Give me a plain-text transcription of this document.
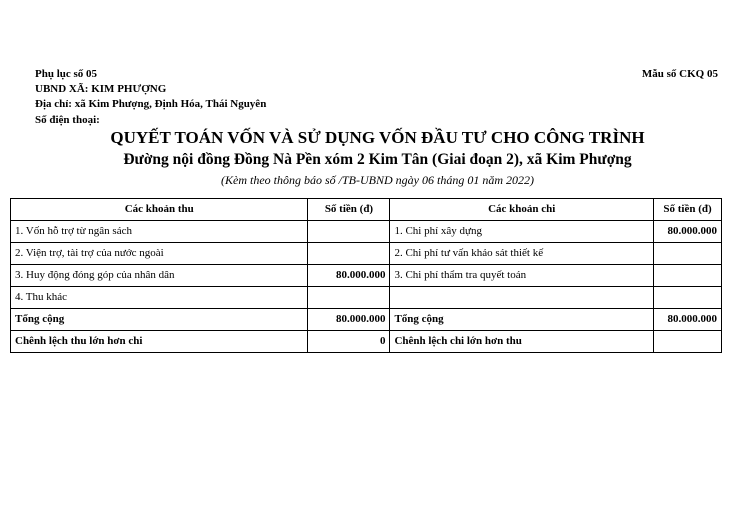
Phụ lục số 05	Mẫu số CKQ 05
UBND XÃ: KIM PHƯỢNG
Địa chỉ: xã Kim Phượng, Định Hóa, Thái Nguyên
Số điện thoại:
QUYẾT TOÁN VỐN VÀ SỬ DỤNG VỐN ĐẦU TƯ CHO CÔNG TRÌNH
Đường nội đồng Đồng Nà Pền xóm 2 Kim Tân (Giai đoạn 2), xã Kim Phượng
(Kèm theo thông báo số /TB-UBND ngày 06 tháng 01 năm 2022)
Các khoản thu	Số tiền (đ)	Các khoản chi	Số tiền (đ)
1. Vốn hỗ trợ từ ngân sách		1. Chi phí xây dựng	80.000.000
2. Viện trợ, tài trợ của nước ngoài		2. Chi phí tư vấn khảo sát thiết kế	
3. Huy động đóng góp của nhân dân	80.000.000	3. Chi phí thẩm tra quyết toán	
4. Thu khác			
Tổng cộng	80.000.000	Tổng cộng	80.000.000
Chênh lệch thu lớn hơn chi	0	Chênh lệch chi lớn hơn thu	
